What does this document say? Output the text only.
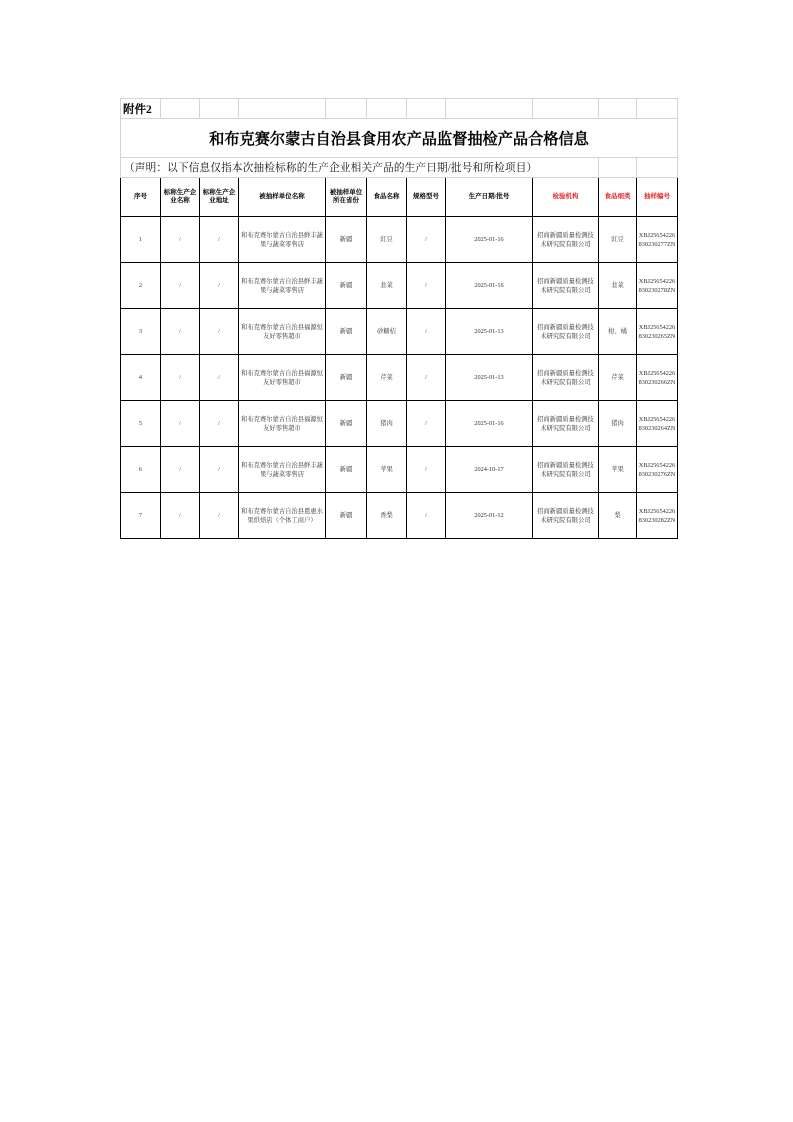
附件2										
和布克赛尔蒙古自治县食用农产品监督抽检产品合格信息										
（声明：以下信息仅指本次抽检标称的生产企业相关产品的生产日期/批号和所检项目）										
序号	标称生产企业名称	标称生产企业地址	被抽样单位名称	被抽样单位所在省份	食品名称	规格型号	生产日期/批号	检验机构	食品细类	抽样编号
1	/	/	和布克赛尔蒙古自治县鲜丰蔬果与蔬菜零售店	新疆	豇豆	/	2025-01-16	招商新疆质量检测技术研究院有限公司	豇豆	XBJ25654226830230277ZN
2	/	/	和布克赛尔蒙古自治县鲜丰蔬果与蔬菜零售店	新疆	韭菜	/	2025-01-16	招商新疆质量检测技术研究院有限公司	韭菜	XBJ25654226830230278ZN
3	/	/	和布克赛尔蒙古自治县福源恒友好零售超市	新疆	砂糖桔	/	2025-01-13	招商新疆质量检测技术研究院有限公司	柑、橘	XBJ25654226830230265ZN
4	/	/	和布克赛尔蒙古自治县福源恒友好零售超市	新疆	芹菜	/	2025-01-13	招商新疆质量检测技术研究院有限公司	芹菜	XBJ25654226830230266ZN
5	/	/	和布克赛尔蒙古自治县福源恒友好零售超市	新疆	猪肉	/	2025-01-16	招商新疆质量检测技术研究院有限公司	猪肉	XBJ25654226830230264ZN
6	/	/	和布克赛尔蒙古自治县鲜丰蔬果与蔬菜零售店	新疆	苹果	/	2024-10-17	招商新疆质量检测技术研究院有限公司	苹果	XBJ25654226830230276ZN
7	/	/	和布克赛尔蒙古自治县恩惠水果烘焙店（个体工商户）	新疆	香梨	/	2025-01-12	招商新疆质量检测技术研究院有限公司	梨	XBJ25654226830230282ZN
